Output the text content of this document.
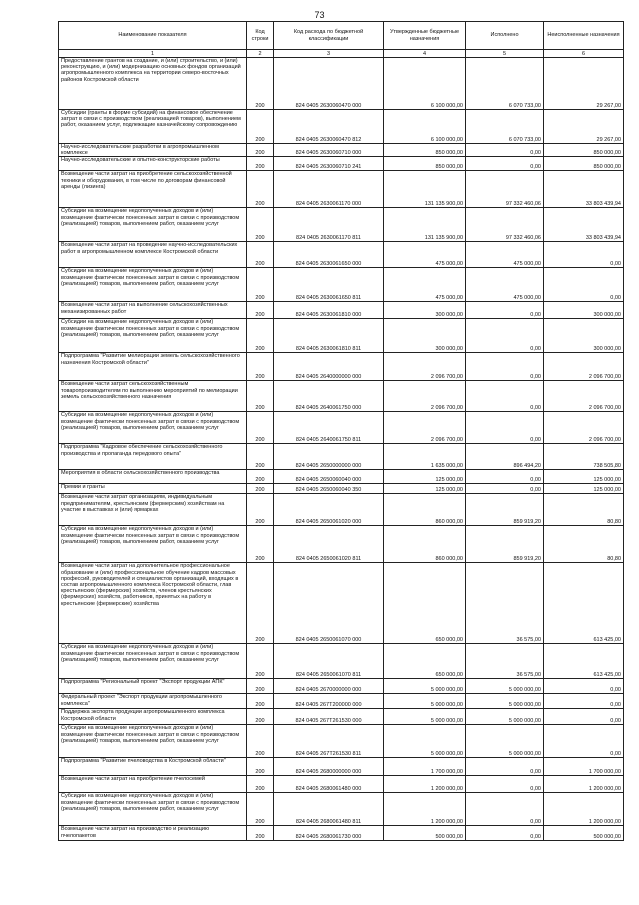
73
Наименование показателя	Код строки	Код расхода по бюджетной классификации	Утвержденные бюджетные назначения	Исполнено	Неисполненные назначения
1	2	3	4	5	6
Предоставление грантов на создание, и (или) строительство, и (или) реконструкцию, и (или) модернизацию основных фондов организаций агропромышленного комплекса на территории северо-восточных районов Костромской области	200	824 0405 2630060470 000	6 100 000,00	6 070 733,00	29 267,00
Субсидии (гранты в форме субсидий) на финансовое обеспечение затрат в связи с производством (реализацией товаров), выполнением работ, оказанием услуг, подлежащие казначейскому сопровождению	200	824 0405 2630060470 812	6 100 000,00	6 070 733,00	29 267,00
Научно-исследовательские разработки в агропромышленном комплексе	200	824 0405 2630060710 000	850 000,00	0,00	850 000,00
Научно-исследовательские и опытно-конструкторские работы	200	824 0405 2630060710 241	850 000,00	0,00	850 000,00
Возмещение части затрат на приобретение сельскохозяйственной техники и оборудования, в том числе по договорам финансовой аренды (лизинга)	200	824 0405 2630061170 000	131 135 900,00	97 332 460,06	33 803 439,94
Субсидии на возмещение недополученных доходов и (или) возмещение фактически понесенных затрат в связи с производством (реализацией) товаров, выполнением работ, оказанием услуг	200	824 0405 2630061170 811	131 135 900,00	97 332 460,06	33 803 439,94
Возмещение части затрат на проведение научно-исследовательских работ в агропромышленном комплексе Костромской области	200	824 0405 2630061650 000	475 000,00	475 000,00	0,00
Субсидии на возмещение недополученных доходов и (или) возмещение фактически понесенных затрат в связи с производством (реализацией) товаров, выполнением работ, оказанием услуг	200	824 0405 2630061650 811	475 000,00	475 000,00	0,00
Возмещение части затрат на выполнение сельскохозяйственных механизированных работ	200	824 0405 2630061810 000	300 000,00	0,00	300 000,00
Субсидии на возмещение недополученных доходов и (или) возмещение фактически понесенных затрат в связи с производством (реализацией) товаров, выполнением работ, оказанием услуг	200	824 0405 2630061810 811	300 000,00	0,00	300 000,00
Подпрограмма "Развитие мелиорации земель сельскохозяйственного назначения Костромской области"	200	824 0405 2640000000 000	2 096 700,00	0,00	2 096 700,00
Возмещение части затрат сельскохозяйственным товаропроизводителям по выполнению мероприятий по мелиорации земель сельскохозяйственного назначения	200	824 0405 2640061750 000	2 096 700,00	0,00	2 096 700,00
Субсидии на возмещение недополученных доходов и (или) возмещение фактически понесенных затрат в связи с производством (реализацией) товаров, выполнением работ, оказанием услуг	200	824 0405 2640061750 811	2 096 700,00	0,00	2 096 700,00
Подпрограмма "Кадровое обеспечение сельскохозяйственного производства и пропаганда передового опыта"	200	824 0405 2650000000 000	1 635 000,00	896 494,20	738 505,80
Мероприятия в области сельскохозяйственного производства	200	824 0405 2650060040 000	125 000,00	0,00	125 000,00
Премии и гранты	200	824 0405 2650060040 350	125 000,00	0,00	125 000,00
Возмещение части затрат организациям, индивидуальным предпринимателям, крестьянским (фермерским) хозяйствам на участие в выставках и (или) ярмарках	200	824 0405 2650061020 000	860 000,00	859 919,20	80,80
Субсидии на возмещение недополученных доходов и (или) возмещение фактически понесенных затрат в связи с производством (реализацией) товаров, выполнением работ, оказанием услуг	200	824 0405 2650061020 811	860 000,00	859 919,20	80,80
Возмещение части затрат на дополнительное профессиональное образование и (или) профессиональное обучение кадров массовых профессий, руководителей и специалистов организаций, входящих в состав агропромышленного комплекса Костромской области, глав крестьянских (фермерских) хозяйств, членов крестьянских (фермерских) хозяйств, работников, принятых на работу в крестьянские (фермерские) хозяйства	200	824 0405 2650061070 000	650 000,00	36 575,00	613 425,00
Субсидии на возмещение недополученных доходов и (или) возмещение фактически понесенных затрат в связи с производством (реализацией) товаров, выполнением работ, оказанием услуг	200	824 0405 2650061070 811	650 000,00	36 575,00	613 425,00
Подпрограмма "Региональный проект "Экспорт продукции АПК"	200	824 0405 2670000000 000	5 000 000,00	5 000 000,00	0,00
Федеральный проект "Экспорт продукции агропромышленного комплекса"	200	824 0405 267T200000 000	5 000 000,00	5 000 000,00	0,00
Поддержка экспорта продукции агропромышленного комплекса Костромской области	200	824 0405 267T261530 000	5 000 000,00	5 000 000,00	0,00
Субсидии на возмещение недополученных доходов и (или) возмещение фактически понесенных затрат в связи с производством (реализацией) товаров, выполнением работ, оказанием услуг	200	824 0405 267T261530 811	5 000 000,00	5 000 000,00	0,00
Подпрограмма "Развитие пчеловодства в Костромской области"	200	824 0405 2680000000 000	1 700 000,00	0,00	1 700 000,00
Возмещение части затрат на приобретение пчелосемей	200	824 0405 2680061480 000	1 200 000,00	0,00	1 200 000,00
Субсидии на возмещение недополученных доходов и (или) возмещение фактически понесенных затрат в связи с производством (реализацией) товаров, выполнением работ, оказанием услуг	200	824 0405 2680061480 811	1 200 000,00	0,00	1 200 000,00
Возмещение части затрат на производство и реализацию пчелопакетов	200	824 0405 2680061730 000	500 000,00	0,00	500 000,00
